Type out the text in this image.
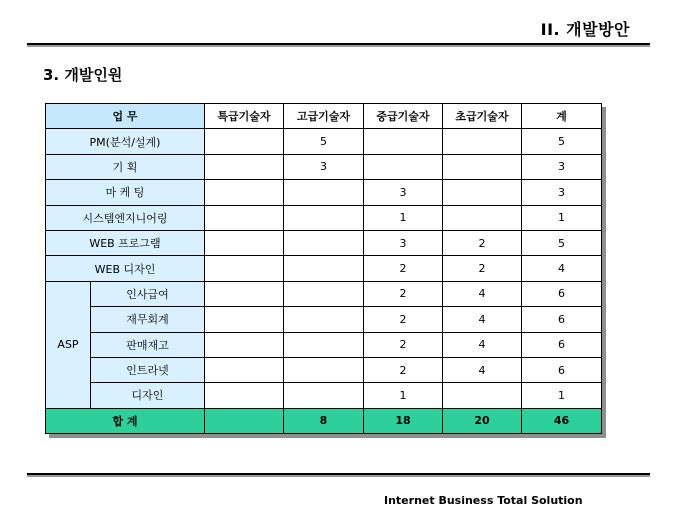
II. 개발방안
3. 개발인원
업 무		특급기술자	고급기술자	중급기술자	초급기술자	계
PM(분석/설계)			5			5
기 획			3			3
마 케 팅				3		3
시스템엔지니어링				1		1
WEB 프로그램				3	2	5
WEB 디자인				2	2	4
ASP	인사급여			2	4	6
	재무회계			2	4	6
	판매재고			2	4	6
	인트라넷			2	4	6
	디자인			1		1
합 계			8	18	20	46
Internet Business Total Solution
